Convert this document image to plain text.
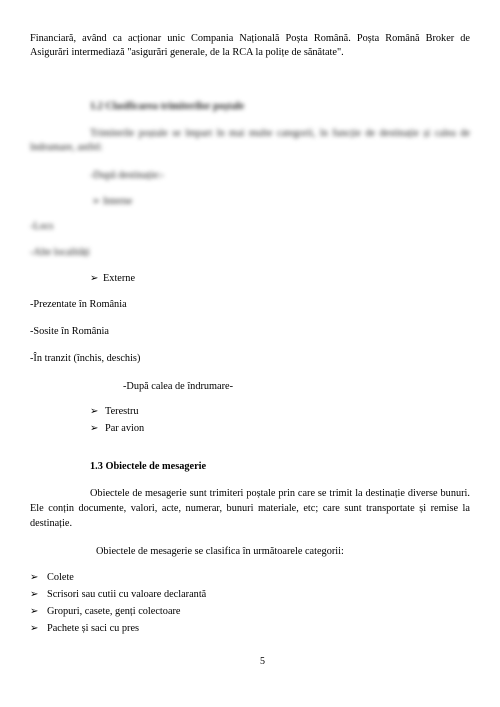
Financiară, având ca acționar unic Compania Națională Poșta Română. Poșta Română Broker de
Asigurări intermediază "asigurări generale, de la RCA la polițe de sănătate".
1.2 Clasificarea trimiterilor poștale
Trimiterile poștale se împart în mai multe categorii, în funcție de destinație și calea de
îndrumare, astfel:
-După destinație:-
➢ Interne
-Locs
-Alte localități
➢ Externe
-Prezentate în România
-Sosite în România
-În tranzit (închis, deschis)
-După calea de îndrumare-
➢ Terestru
➢ Par avion
1.3 Obiectele de mesagerie
Obiectele de mesagerie sunt trimiteri poștale prin care se trimit la destinație diverse bunuri.
Ele conțin documente, valori, acte, numerar, bunuri materiale, etc; care sunt transportate și remise la
destinație.
Obiectele de mesagerie se clasifica în următoarele categorii:
➢ Colete
➢ Scrisori sau cutii cu valoare declarantă
➢ Gropuri, casete, genți colectoare
➢ Pachete și saci cu pres
5
